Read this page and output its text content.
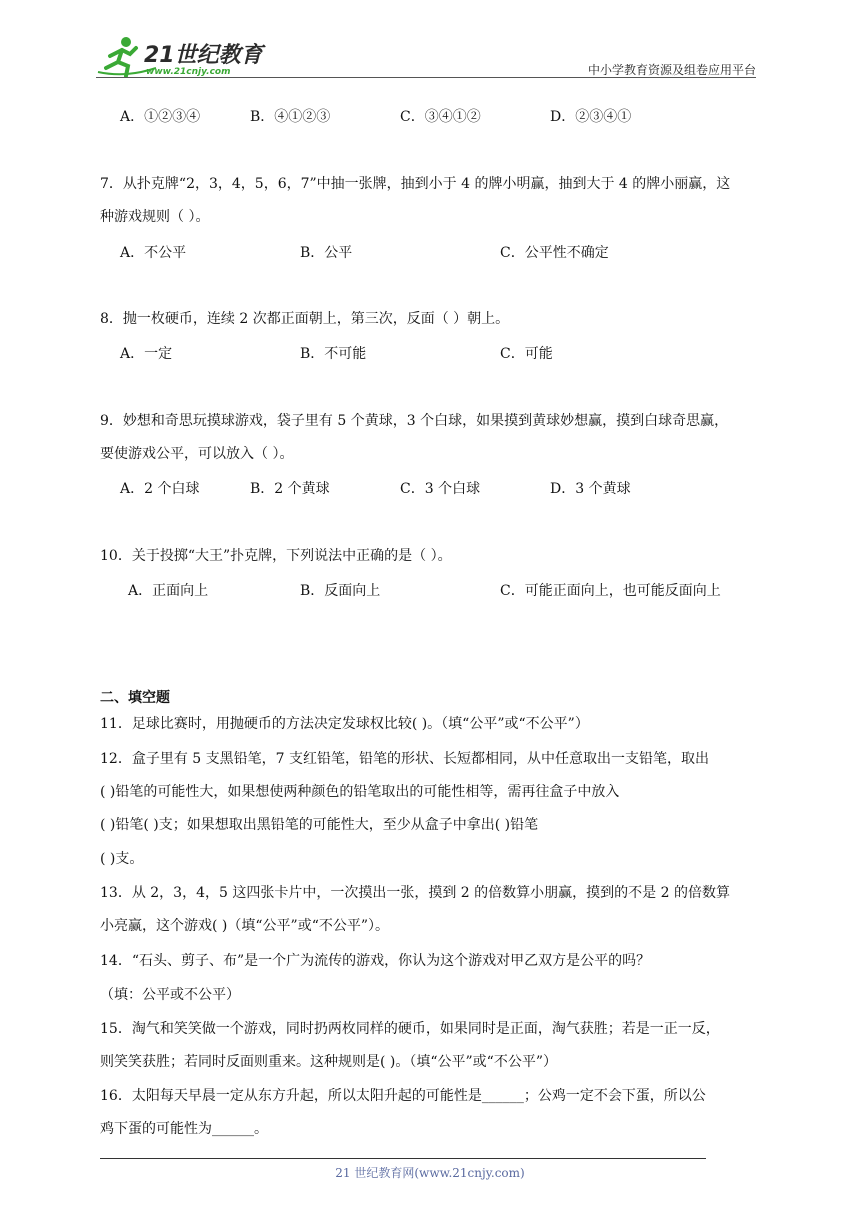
21世纪教育
www.21cnjy.com	中小学教育资源及组卷应用平台
A．①②③④	B．④①②③	C．③④①②	D．②③④①
7．从扑克牌“2，3，4，5，6，7”中抽一张牌，抽到小于 4 的牌小明赢，抽到大于 4 的牌小丽赢，这
种游戏规则（ ）。
A．不公平	B．公平	C．公平性不确定
8．抛一枚硬币，连续 2 次都正面朝上，第三次，反面（ ）朝上。
A．一定	B．不可能	C．可能
9．妙想和奇思玩摸球游戏，袋子里有 5 个黄球，3 个白球，如果摸到黄球妙想赢，摸到白球奇思赢，
要使游戏公平，可以放入（ ）。
A．2 个白球	B．2 个黄球	C．3 个白球	D．3 个黄球
10．关于投掷“大王”扑克牌，下列说法中正确的是（ ）。
A．正面向上	B．反面向上	C．可能正面向上，也可能反面向上
二、填空题
11．足球比赛时，用抛硬币的方法决定发球权比较( )。（填“公平”或“不公平”）
12．盒子里有 5 支黑铅笔，7 支红铅笔，铅笔的形状、长短都相同，从中任意取出一支铅笔，取出
( )铅笔的可能性大，如果想使两种颜色的铅笔取出的可能性相等，需再往盒子中放入
( )铅笔( )支；如果想取出黑铅笔的可能性大，至少从盒子中拿出( )铅笔
( )支。
13．从 2，3，4，5 这四张卡片中，一次摸出一张，摸到 2 的倍数算小朋赢，摸到的不是 2 的倍数算
小亮赢，这个游戏( )（填“公平”或“不公平”）。
14．“石头、剪子、布”是一个广为流传的游戏，你认为这个游戏对甲乙双方是公平的吗？
（填：公平或不公平）
15．淘气和笑笑做一个游戏，同时扔两枚同样的硬币，如果同时是正面，淘气获胜；若是一正一反，
则笑笑获胜；若同时反面则重来。这种规则是( )。（填“公平”或“不公平”）
16．太阳每天早晨一定从东方升起，所以太阳升起的可能性是______；公鸡一定不会下蛋，所以公
鸡下蛋的可能性为______。
21 世纪教育网(www.21cnjy.com)
